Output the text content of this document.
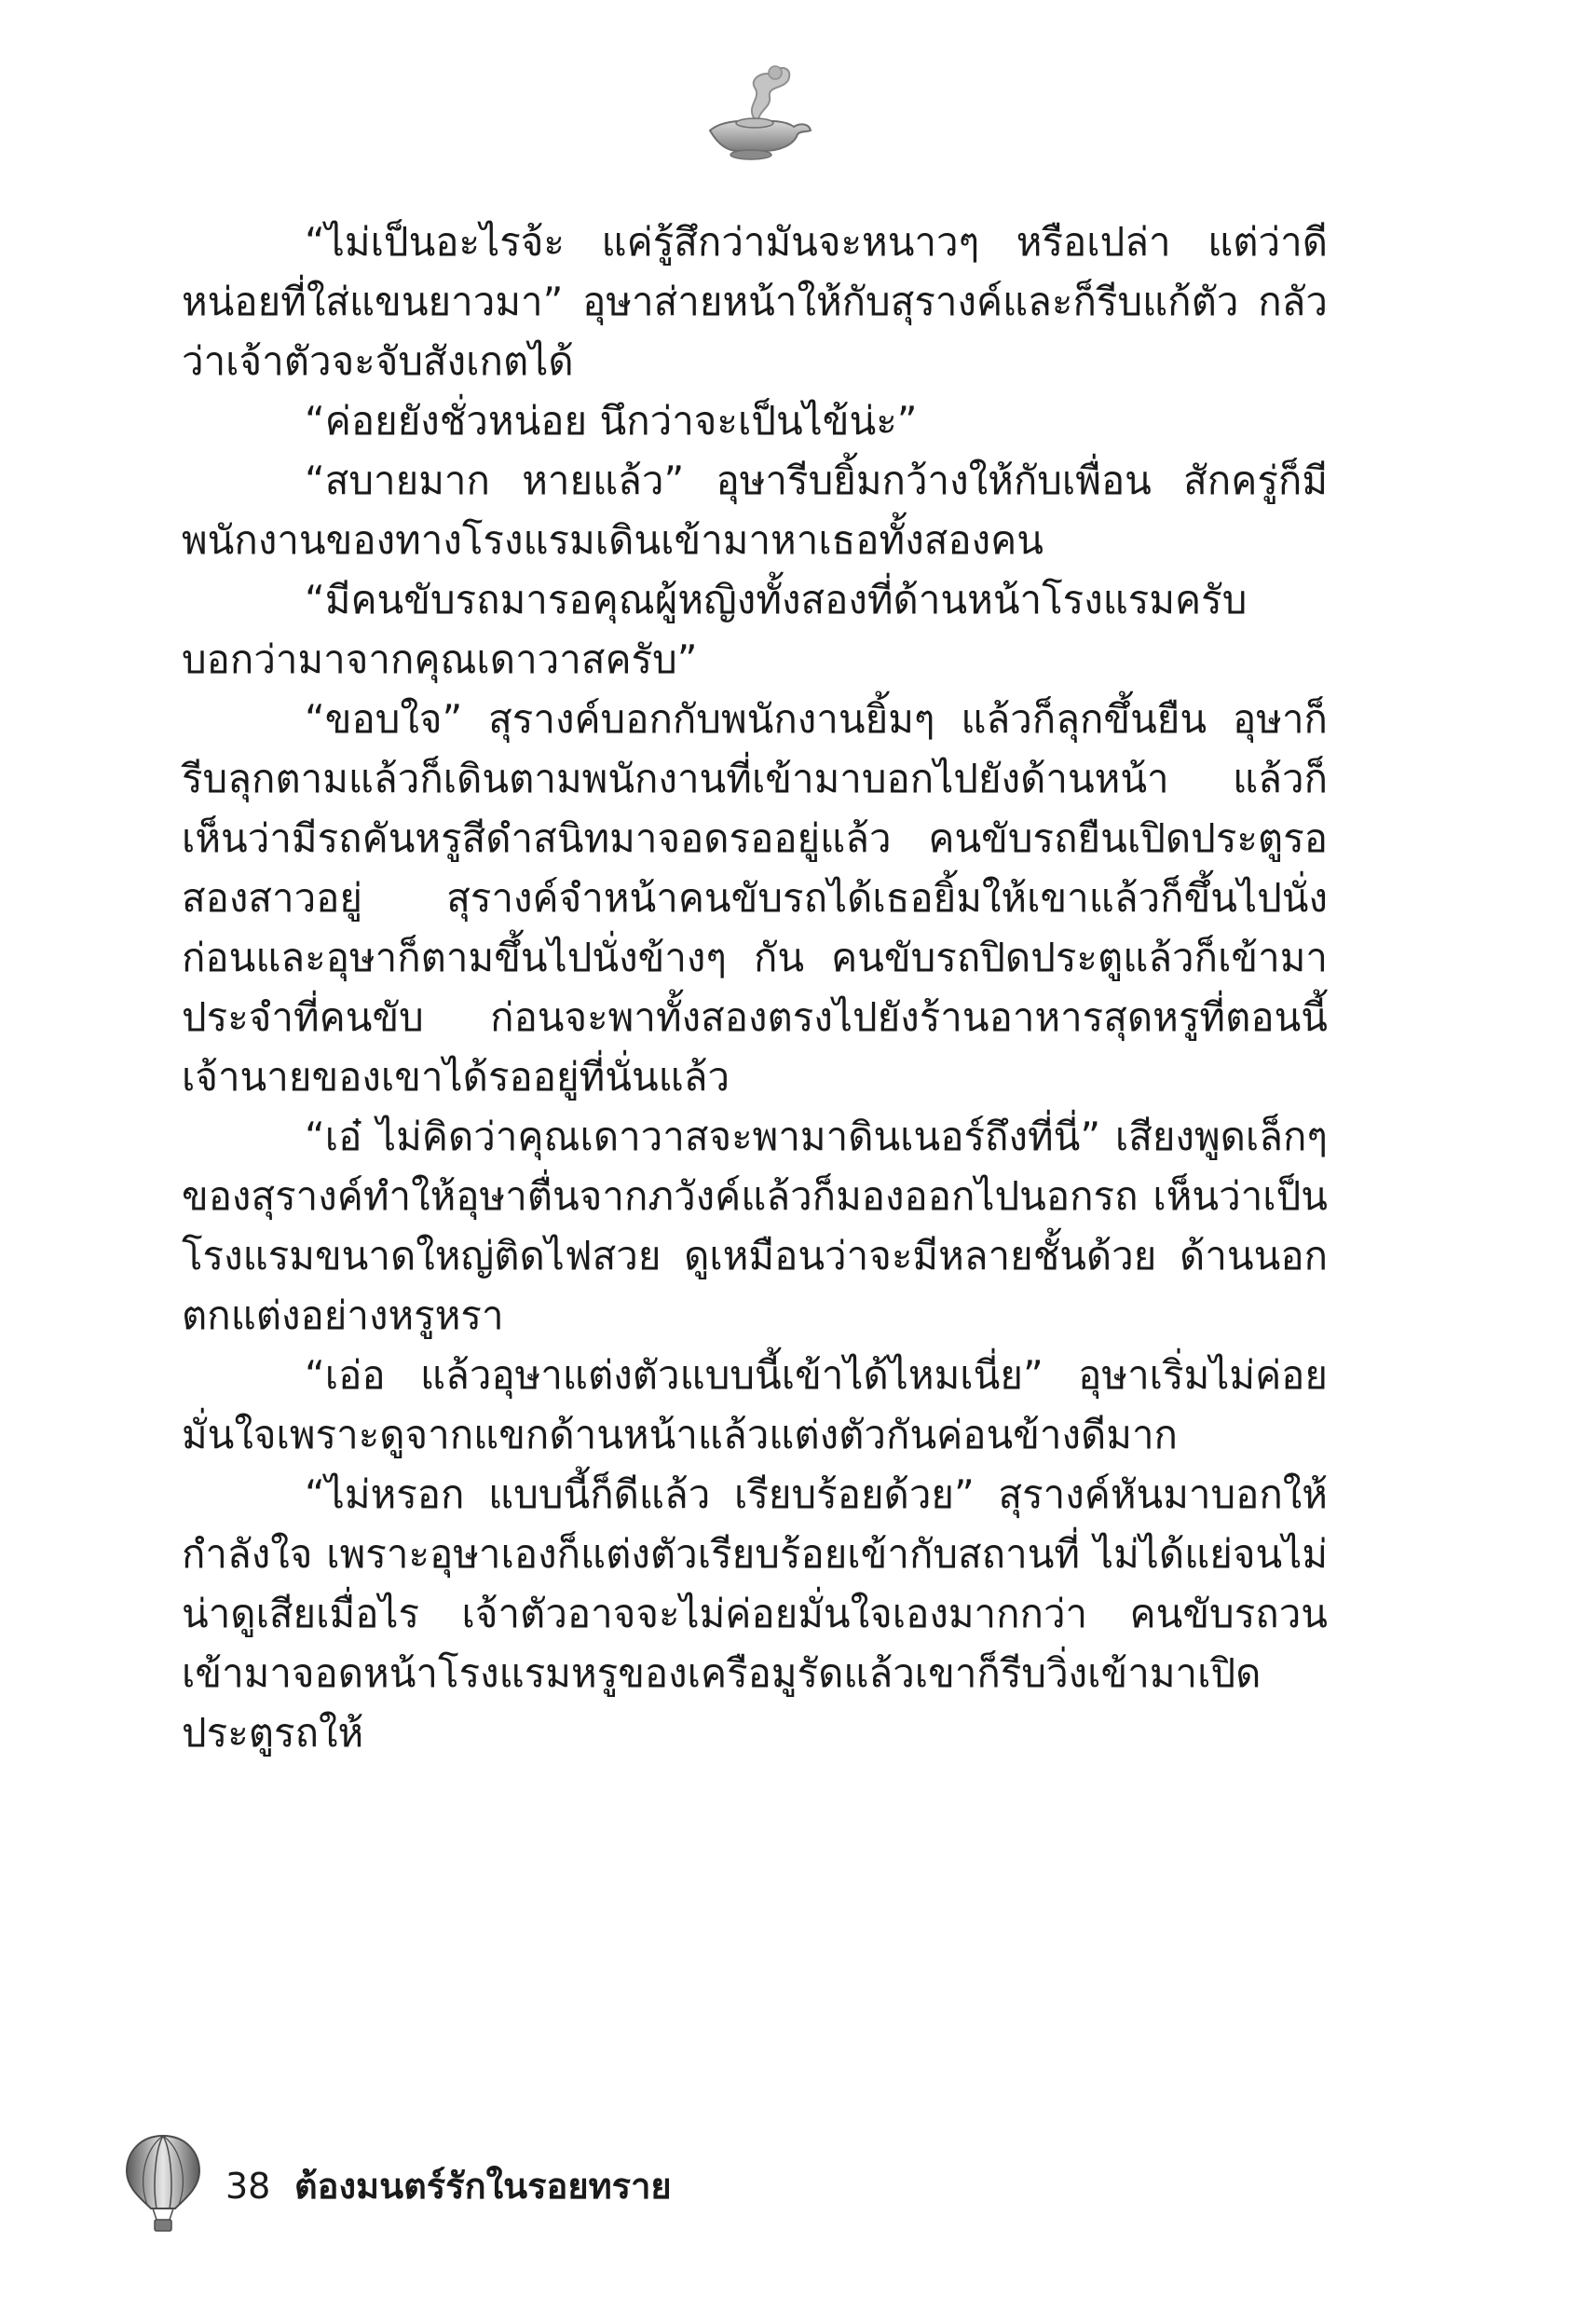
“ไม่เป็นอะไรจ้ะ แค่รู้สึกว่ามันจะหนาวๆ หรือเปล่า แต่ว่าดีหน่อยที่ใส่แขนยาวมา” อุษาส่ายหน้าให้กับสุรางค์และก็รีบแก้ตัว กลัวว่าเจ้าตัวจะจับสังเกตได้

“ค่อยยังชั่วหน่อย นึกว่าจะเป็นไข้น่ะ”

“สบายมาก หายแล้ว” อุษารีบยิ้มกว้างให้กับเพื่อน สักครู่ก็มีพนักงานของทางโรงแรมเดินเข้ามาหาเธอทั้งสองคน

“มีคนขับรถมารอคุณผู้หญิงทั้งสองที่ด้านหน้าโรงแรมครับ บอกว่ามาจากคุณเดาวาสครับ”

“ขอบใจ” สุรางค์บอกกับพนักงานยิ้มๆ แล้วก็ลุกขึ้นยืน อุษาก็รีบลุกตามแล้วก็เดินตามพนักงานที่เข้ามาบอกไปยังด้านหน้า แล้วก็เห็นว่ามีรถคันหรูสีดำสนิทมาจอดรออยู่แล้ว คนขับรถยืนเปิดประตูรอสองสาวอยู่ สุรางค์จำหน้าคนขับรถได้เธอยิ้มให้เขาแล้วก็ขึ้นไปนั่งก่อนและอุษาก็ตามขึ้นไปนั่งข้างๆ กัน คนขับรถปิดประตูแล้วก็เข้ามาประจำที่คนขับ ก่อนจะพาทั้งสองตรงไปยังร้านอาหารสุดหรูที่ตอนนี้เจ้านายของเขาได้รออยู่ที่นั่นแล้ว

“เอ๋ ไม่คิดว่าคุณเดาวาสจะพามาดินเนอร์ถึงที่นี่” เสียงพูดเล็กๆ ของสุรางค์ทำให้อุษาตื่นจากภวังค์แล้วก็มองออกไปนอกรถ เห็นว่าเป็นโรงแรมขนาดใหญ่ติดไฟสวย ดูเหมือนว่าจะมีหลายชั้นด้วย ด้านนอกตกแต่งอย่างหรูหรา

“เอ่อ แล้วอุษาแต่งตัวแบบนี้เข้าได้ไหมเนี่ย” อุษาเริ่มไม่ค่อยมั่นใจเพราะดูจากแขกด้านหน้าแล้วแต่งตัวกันค่อนข้างดีมาก

“ไม่หรอก แบบนี้ก็ดีแล้ว เรียบร้อยด้วย” สุรางค์หันมาบอกให้กำลังใจ เพราะอุษาเองก็แต่งตัวเรียบร้อยเข้ากับสถานที่ ไม่ได้แย่จนไม่น่าดูเสียเมื่อไร เจ้าตัวอาจจะไม่ค่อยมั่นใจเองมากกว่า คนขับรถวนเข้ามาจอดหน้าโรงแรมหรูของเครือมูรัดแล้วเขาก็รีบวิ่งเข้ามาเปิดประตูรถให้

38 ต้องมนตร์รักในรอยทราย
